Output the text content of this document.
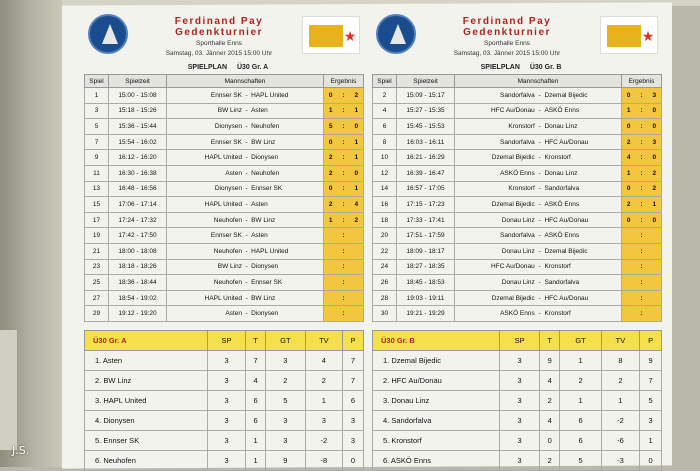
Ferdinand Pay
Gedenkturnier
Sporthalle Enns
Samstag, 03. Jänner 2015 15:00 Uhr
★
SPIELPLAN Ü30 Gr. A
Spiel	Spielzeit	Mannschaften	Ergebnis
1	15:00 - 15:08	Ennser SK - HAPL United	0 : 2

3	15:18 - 15:26	BW Linz - Asten	1 : 1

5	15:36 - 15:44	Dionysen - Neuhofen	5 : 0

7	15:54 - 16:02	Ennser SK - BW Linz	0 : 1

9	16:12 - 16:20	HAPL United - Dionysen	2 : 1

11	16:30 - 16:38	Asten - Neuhofen	2 : 0

13	16:48 - 16:56	Dionysen - Ennser SK	0 : 1

15	17:06 - 17:14	HAPL United - Asten	2 : 4

17	17:24 - 17:32	Neuhofen - BW Linz	1 : 2

19	17:42 - 17:50	Ennser SK - Asten	:

21	18:00 - 18:08	Neuhofen - HAPL United	:

23	18:18 - 18:26	BW Linz - Dionysen	:

25	18:36 - 18:44	Neuhofen - Ennser SK	:

27	18:54 - 19:02	HAPL United - BW Linz	:

29	19:12 - 19:20	Asten - Dionysen	:
Ü30 Gr. A	SP	T	GT	TV	P
1. Asten	3	7	3	4	7
2. BW Linz	3	4	2	2	7
3. HAPL United	3	6	5	1	6
4. Dionysen	3	6	3	3	3
5. Ennser SK	3	1	3	-2	3
6. Neuhofen	3	1	9	-8	0
Ferdinand Pay
Gedenkturnier
Sporthalle Enns
Samstag, 03. Jänner 2015 15:00 Uhr
★
SPIELPLAN Ü30 Gr. B
Spiel	Spielzeit	Mannschaften	Ergebnis
2	15:09 - 15:17	Sandorfalva - Dzemal Bijedic	0 : 3

4	15:27 - 15:35	HFC Au/Donau - ASKÖ Enns	1 : 0

6	15:45 - 15:53	Kronstorf - Donau Linz	0 : 0

8	16:03 - 16:11	Sandorfalva - HFC Au/Donau	2 : 3

10	16:21 - 16:29	Dzemal Bijedic - Kronstorf	4 : 0

12	16:39 - 16:47	ASKÖ Enns - Donau Linz	1 : 2

14	16:57 - 17:05	Kronstorf - Sandorfalva	0 : 2

16	17:15 - 17:23	Dzemal Bijedic - ASKÖ Enns	2 : 1

18	17:33 - 17:41	Donau Linz - HFC Au/Donau	0 : 0

20	17:51 - 17:59	Sandorfalva - ASKÖ Enns	:

22	18:09 - 18:17	Donau Linz - Dzemal Bijedic	:

24	18:27 - 18:35	HFC Au/Donau - Kronstorf	:

26	18:45 - 18:53	Donau Linz - Sandorfalva	:

28	19:03 - 19:11	Dzemal Bijedic - HFC Au/Donau	:

30	19:21 - 19:29	ASKÖ Enns - Kronstorf	:
Ü30 Gr. B	SP	T	GT	TV	P
1. Dzemal Bijedic	3	9	1	8	9
2. HFC Au/Donau	3	4	2	2	7
3. Donau Linz	3	2	1	1	5
4. Sandorfalva	3	4	6	-2	3
5. Kronstorf	3	0	6	-6	1
6. ASKÖ Enns	3	2	5	-3	0
J.S.
